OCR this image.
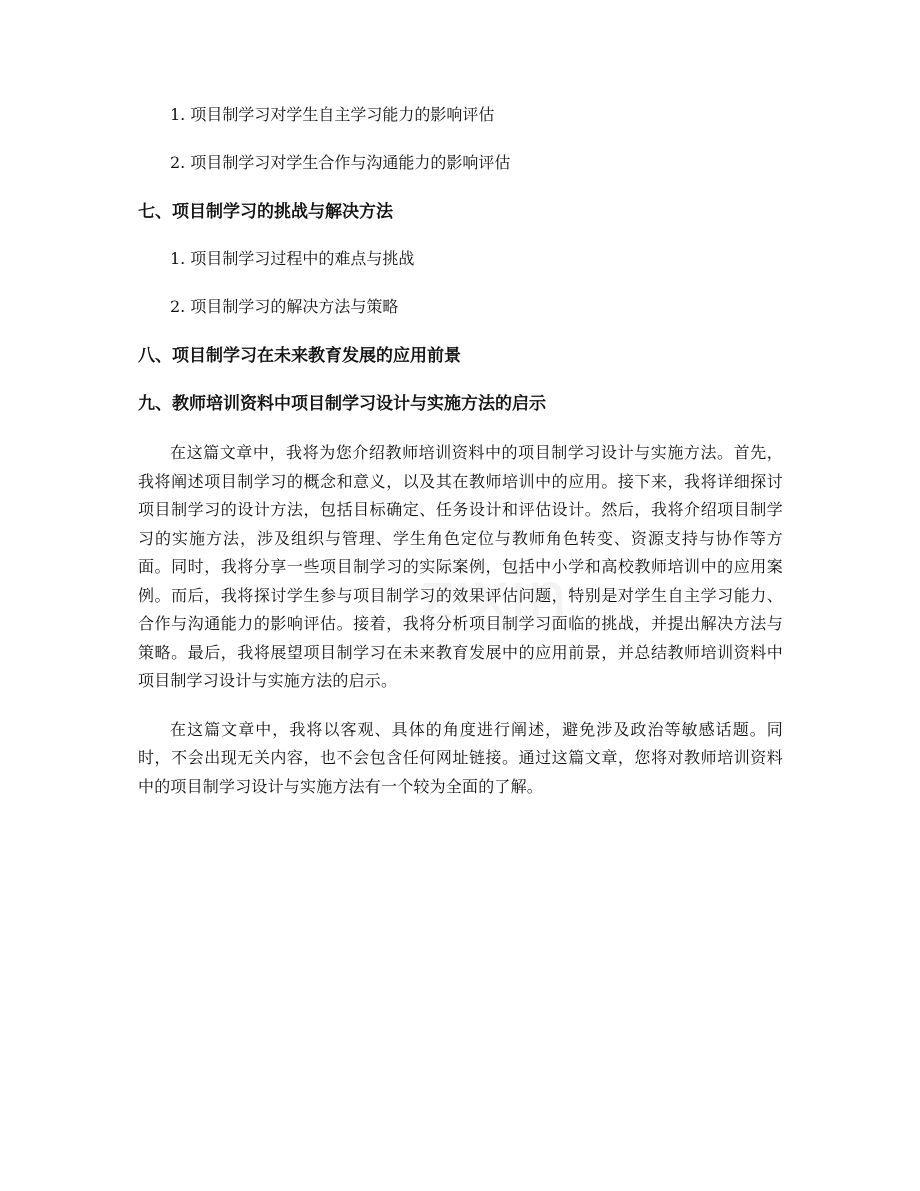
zixin

1. 项目制学习对学生自主学习能力的影响评估

2. 项目制学习对学生合作与沟通能力的影响评估

七、项目制学习的挑战与解决方法

1. 项目制学习过程中的难点与挑战

2. 项目制学习的解决方法与策略

八、项目制学习在未来教育发展的应用前景
九、教师培训资料中项目制学习设计与实施方法的启示

在这篇文章中，我将为您介绍教师培训资料中的项目制学习设计与实施方法。首先，我将阐述项目制学习的概念和意义，以及其在教师培训中的应用。接下来，我将详细探讨项目制学习的设计方法，包括目标确定、任务设计和评估设计。然后，我将介绍项目制学习的实施方法，涉及组织与管理、学生角色定位与教师角色转变、资源支持与协作等方面。同时，我将分享一些项目制学习的实际案例，包括中小学和高校教师培训中的应用案例。而后，我将探讨学生参与项目制学习的效果评估问题，特别是对学生自主学习能力、合作与沟通能力的影响评估。接着，我将分析项目制学习面临的挑战，并提出解决方法与策略。最后，我将展望项目制学习在未来教育发展中的应用前景，并总结教师培训资料中项目制学习设计与实施方法的启示。

在这篇文章中，我将以客观、具体的角度进行阐述，避免涉及政治等敏感话题。同时，不会出现无关内容，也不会包含任何网址链接。通过这篇文章，您将对教师培训资料中的项目制学习设计与实施方法有一个较为全面的了解。
